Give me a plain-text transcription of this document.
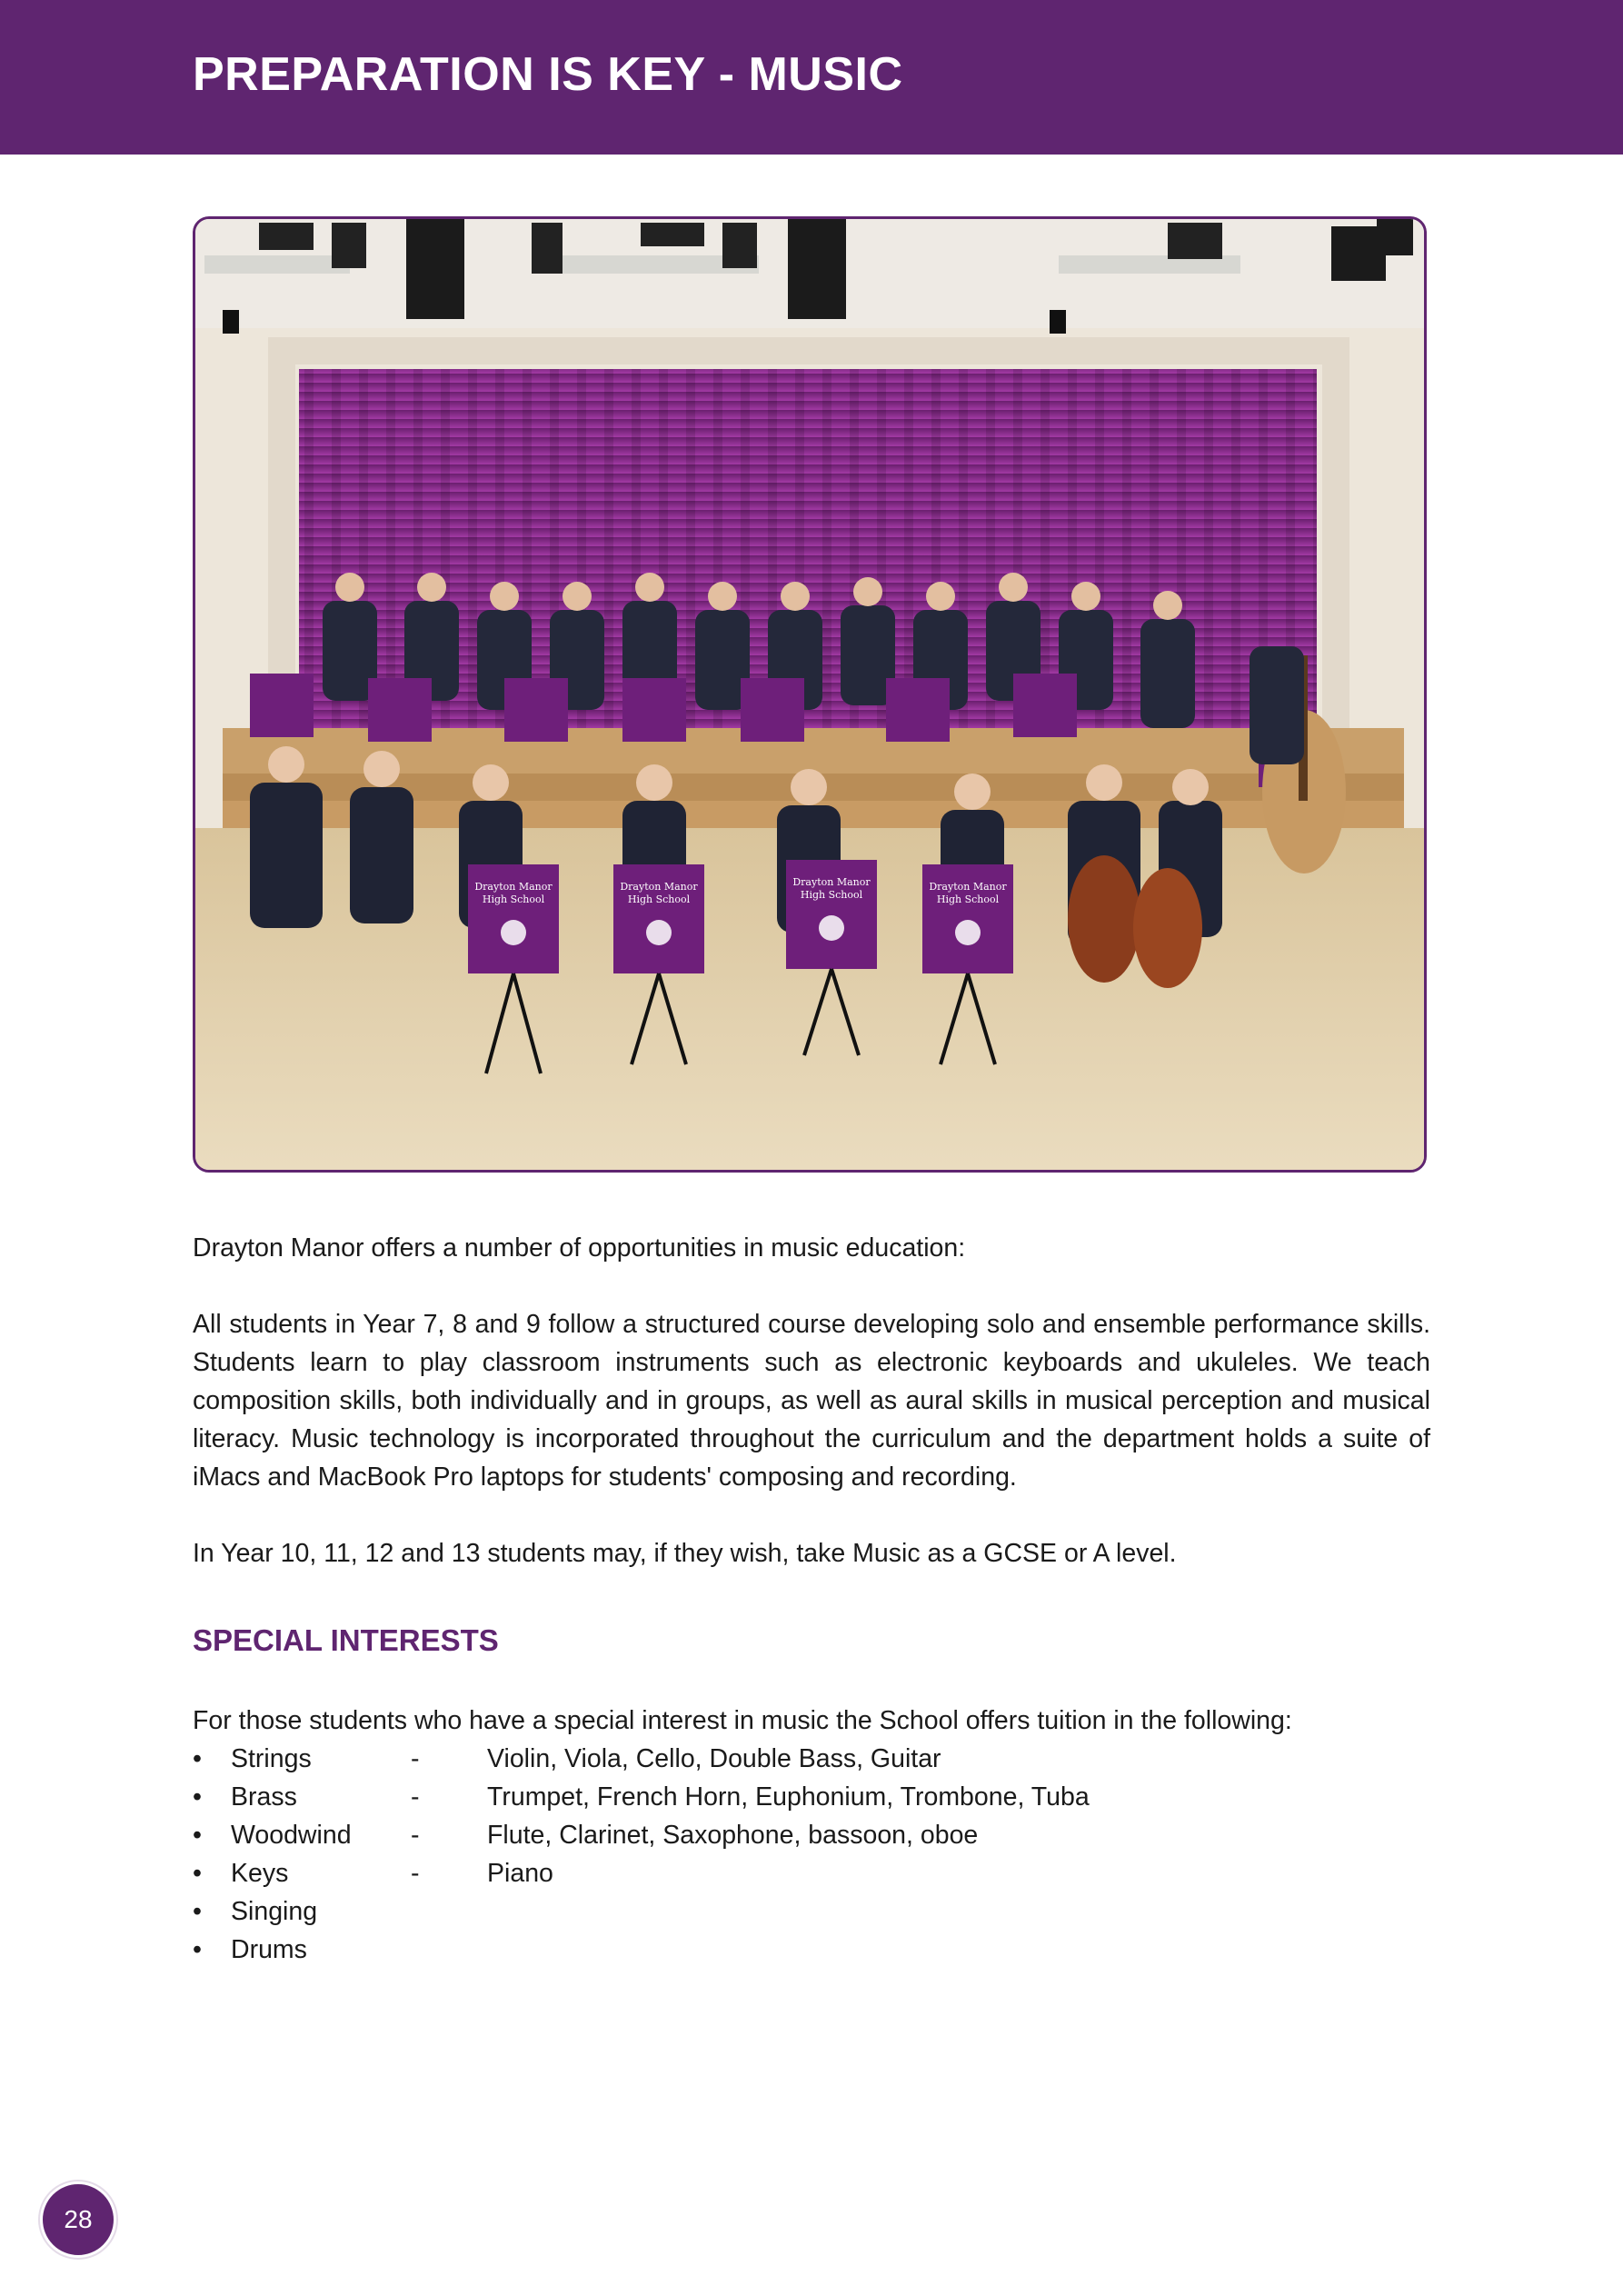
PREPARATION IS KEY - MUSIC
Drayton Manor
High School
Drayton Manor
High School
Drayton Manor
High School
Drayton Manor
High School
Drayton Manor offers a number of opportunities in music education:
All students in Year 7, 8 and 9 follow a structured course developing solo and ensemble performance skills. Students learn to play classroom instruments such as electronic keyboards and ukuleles. We teach composition skills, both individually and in groups, as well as aural skills in musical perception and musical literacy. Music technology is incorporated throughout the curriculum and the department holds a suite of iMacs and MacBook Pro laptops for students' composing and recording.
In Year 10, 11, 12 and 13 students may, if they wish, take Music as a GCSE or A level.
SPECIAL INTERESTS
For those students who have a special interest in music the School offers tuition in the following:
• Strings	-	Violin, Viola, Cello, Double Bass, Guitar
• Brass	-	Trumpet, French Horn, Euphonium, Trombone, Tuba
• Woodwind -	Flute, Clarinet, Saxophone, bassoon, oboe
• Keys	-	Piano
• Singing
• Drums
28
